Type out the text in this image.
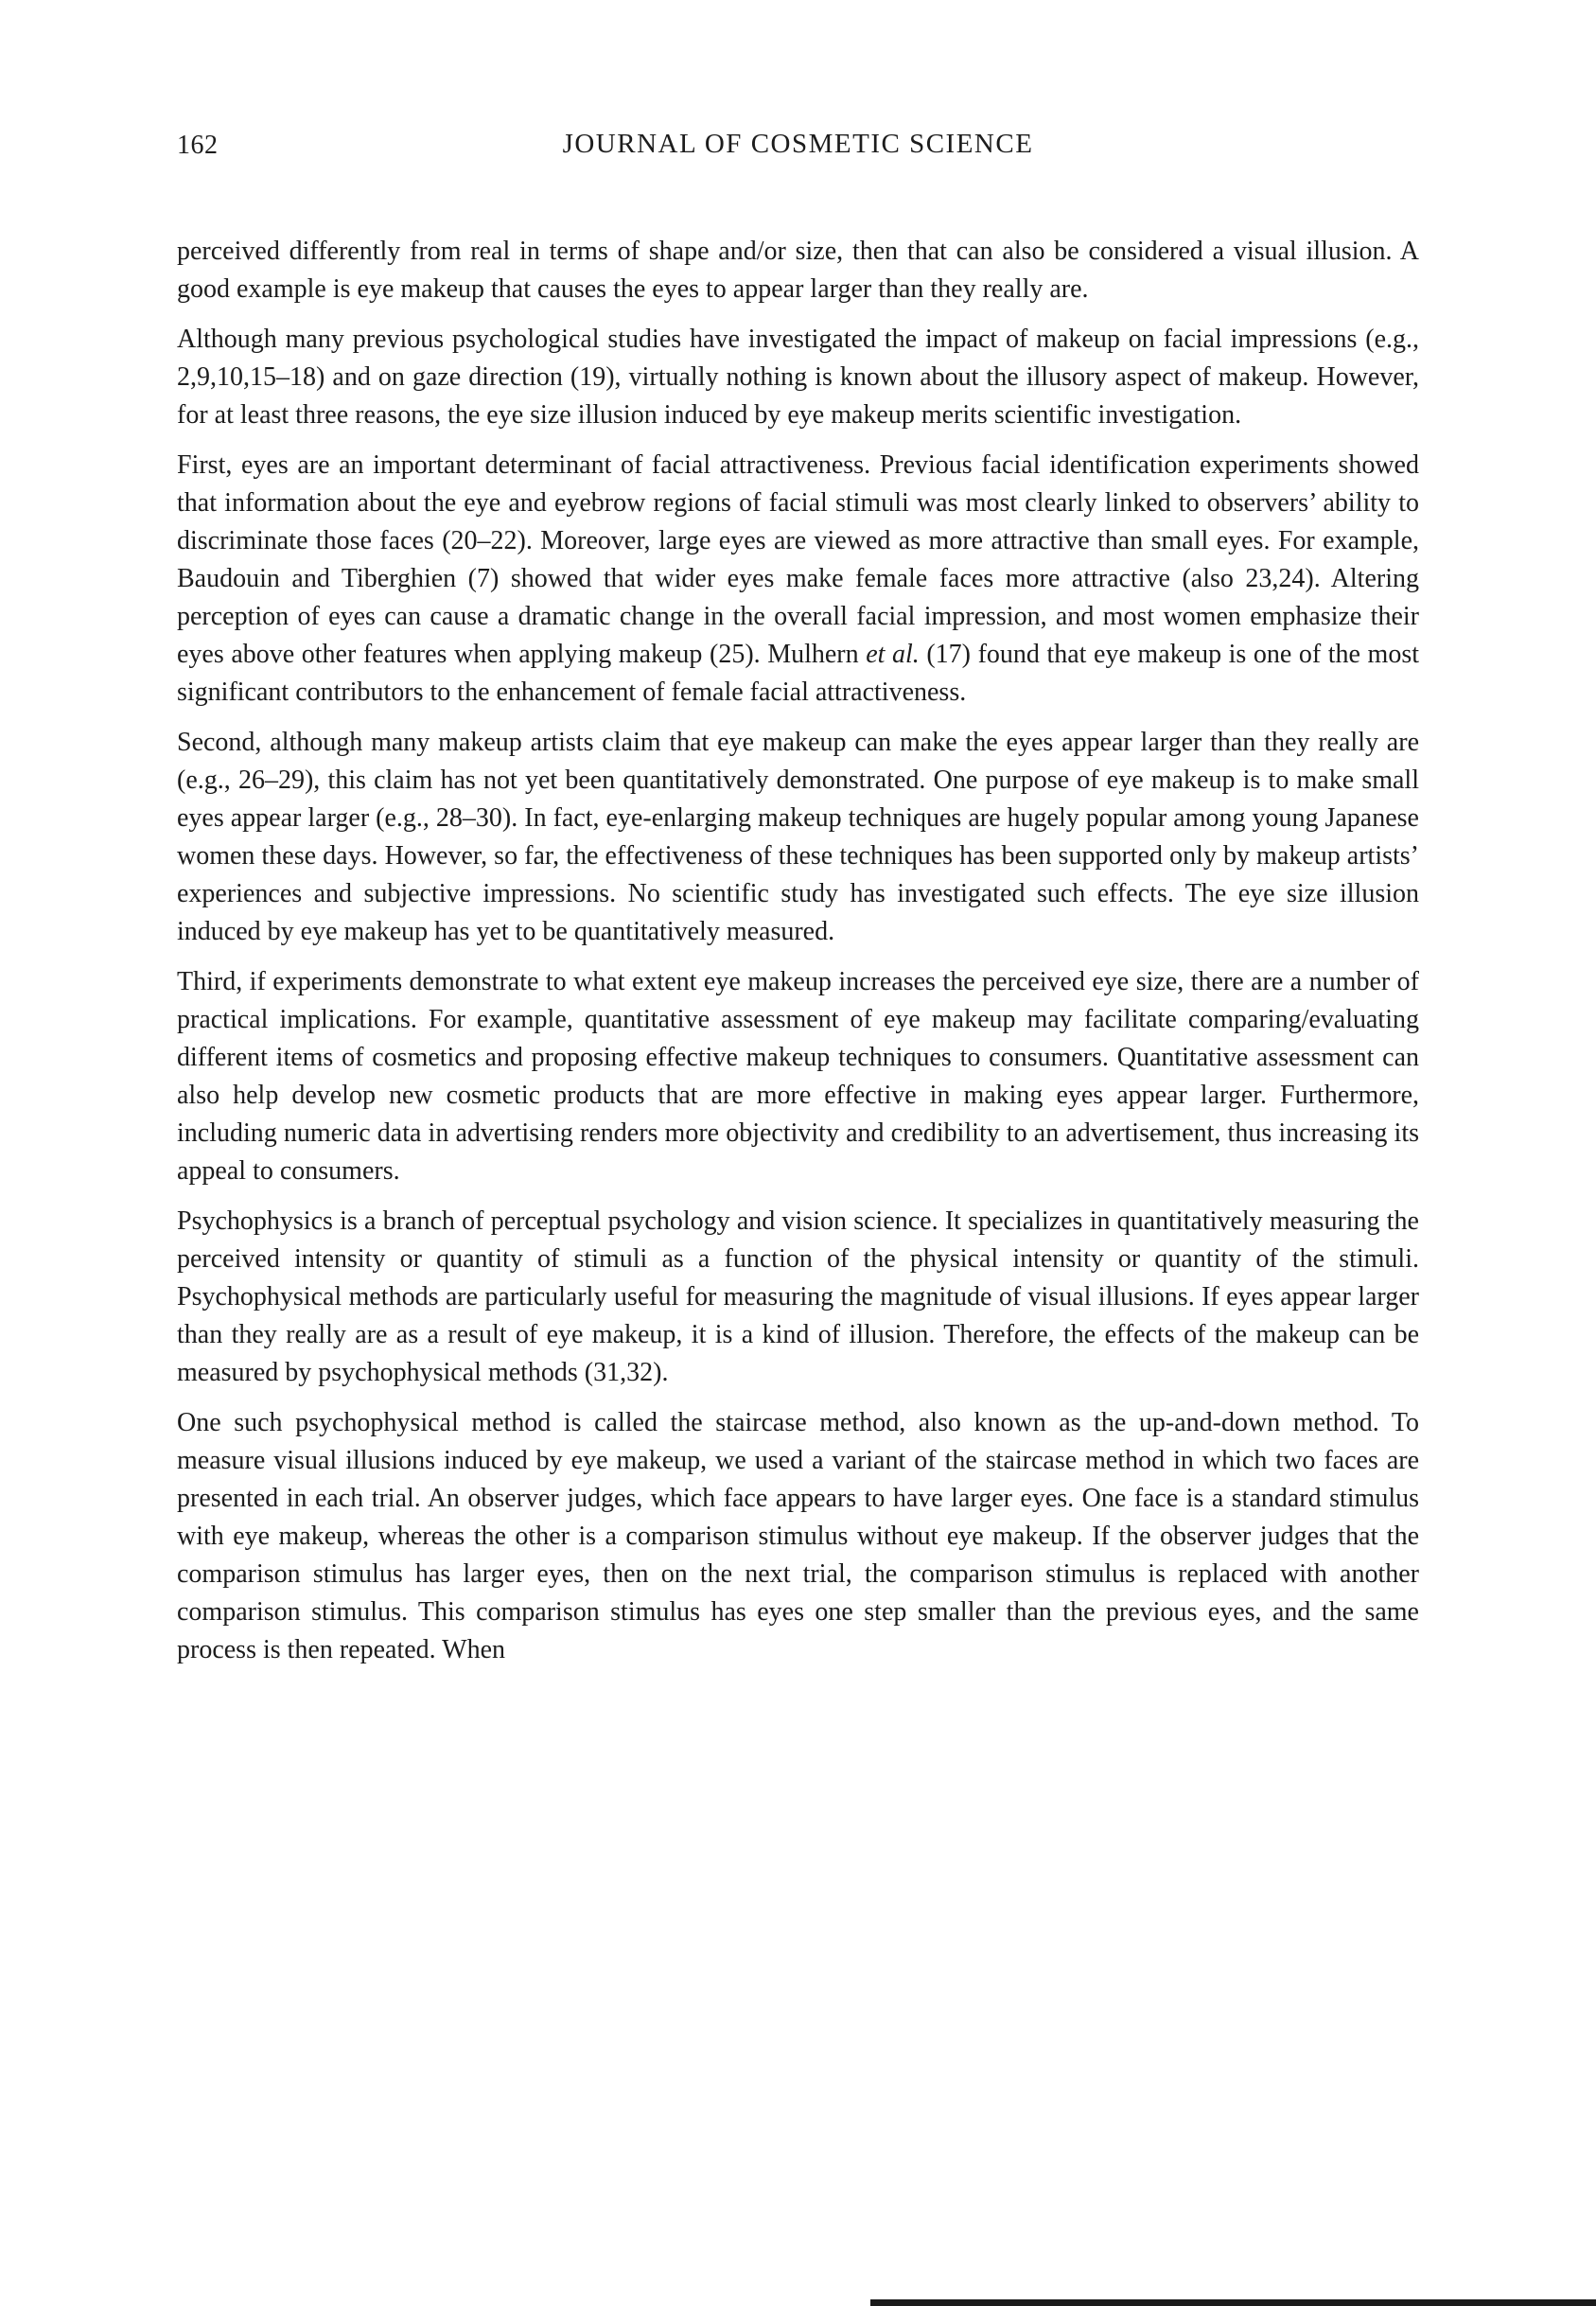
162	JOURNAL OF COSMETIC SCIENCE

perceived differently from real in terms of shape and/or size, then that can also be considered a visual illusion. A good example is eye makeup that causes the eyes to appear larger than they really are.

Although many previous psychological studies have investigated the impact of makeup on facial impressions (e.g., 2,9,10,15–18) and on gaze direction (19), virtually nothing is known about the illusory aspect of makeup. However, for at least three reasons, the eye size illusion induced by eye makeup merits scientific investigation.

First, eyes are an important determinant of facial attractiveness. Previous facial identification experiments showed that information about the eye and eyebrow regions of facial stimuli was most clearly linked to observers’ ability to discriminate those faces (20–22). Moreover, large eyes are viewed as more attractive than small eyes. For example, Baudouin and Tiberghien (7) showed that wider eyes make female faces more attractive (also 23,24). Altering perception of eyes can cause a dramatic change in the overall facial impression, and most women emphasize their eyes above other features when applying makeup (25). Mulhern et al. (17) found that eye makeup is one of the most significant contributors to the enhancement of female facial attractiveness.

Second, although many makeup artists claim that eye makeup can make the eyes appear larger than they really are (e.g., 26–29), this claim has not yet been quantitatively demonstrated. One purpose of eye makeup is to make small eyes appear larger (e.g., 28–30). In fact, eye-enlarging makeup techniques are hugely popular among young Japanese women these days. However, so far, the effectiveness of these techniques has been supported only by makeup artists’ experiences and subjective impressions. No scientific study has investigated such effects. The eye size illusion induced by eye makeup has yet to be quantitatively measured.

Third, if experiments demonstrate to what extent eye makeup increases the perceived eye size, there are a number of practical implications. For example, quantitative assessment of eye makeup may facilitate comparing/evaluating different items of cosmetics and proposing effective makeup techniques to consumers. Quantitative assessment can also help develop new cosmetic products that are more effective in making eyes appear larger. Furthermore, including numeric data in advertising renders more objectivity and credibility to an advertisement, thus increasing its appeal to consumers.

Psychophysics is a branch of perceptual psychology and vision science. It specializes in quantitatively measuring the perceived intensity or quantity of stimuli as a function of the physical intensity or quantity of the stimuli. Psychophysical methods are particularly useful for measuring the magnitude of visual illusions. If eyes appear larger than they really are as a result of eye makeup, it is a kind of illusion. Therefore, the effects of the makeup can be measured by psychophysical methods (31,32).

One such psychophysical method is called the staircase method, also known as the up-and-down method. To measure visual illusions induced by eye makeup, we used a variant of the staircase method in which two faces are presented in each trial. An observer judges, which face appears to have larger eyes. One face is a standard stimulus with eye makeup, whereas the other is a comparison stimulus without eye makeup. If the observer judges that the comparison stimulus has larger eyes, then on the next trial, the comparison stimulus is replaced with another comparison stimulus. This comparison stimulus has eyes one step smaller than the previous eyes, and the same process is then repeated. When
